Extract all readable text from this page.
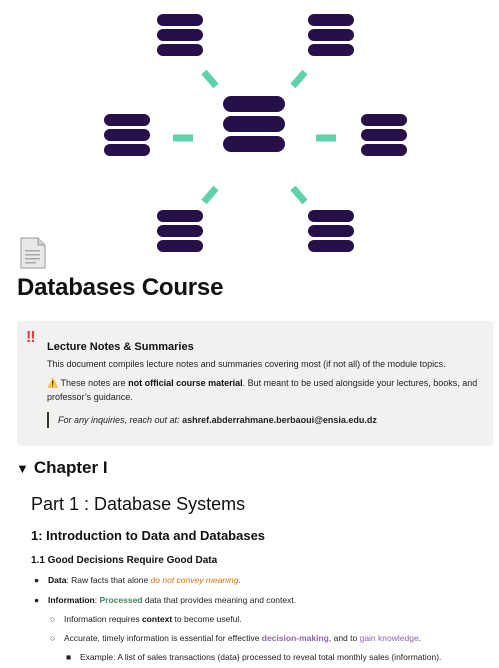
Databases Course
!!
Lecture Notes & Summaries
This document compiles lecture notes and summaries covering most (if not all) of the module topics.
⚠️ These notes are not official course material. But meant to be used alongside your lectures, books, and professor’s guidance.
For any inquiries, reach out at: ashref.abderrahmane.berbaoui@ensia.edu.dz
▼ Chapter I
Part 1 : Database Systems
1: Introduction to Data and Databases
1.1 Good Decisions Require Good Data
● Data: Raw facts that alone do not convey meaning.
● Information: Processed data that provides meaning and context.
○ Information requires context to become useful.
○ Accurate, timely information is essential for effective decision-making, and to gain knowledge.
■ Example: A list of sales transactions (data) processed to reveal total monthly sales (information).
